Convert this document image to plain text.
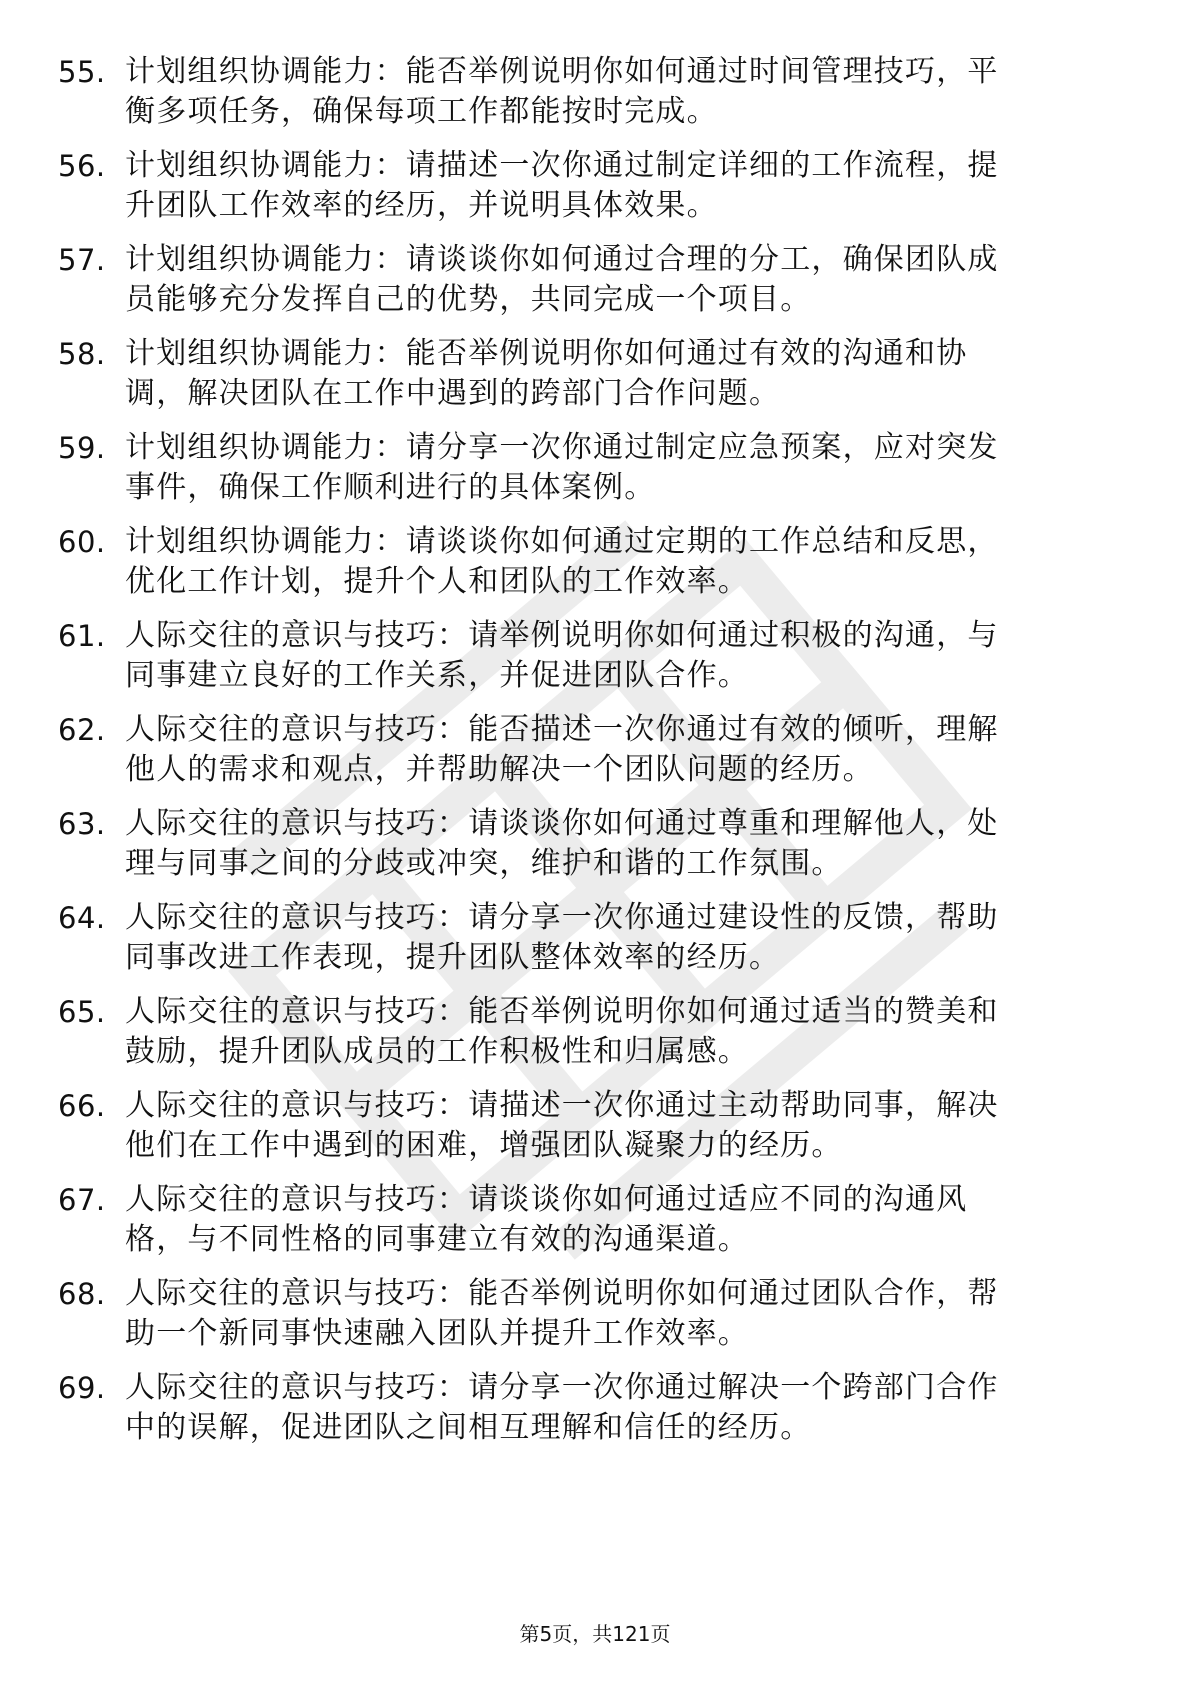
55. 计划组织协调能力：能否举例说明你如何通过时间管理技巧，平
衡多项任务，确保每项工作都能按时完成。

56. 计划组织协调能力：请描述一次你通过制定详细的工作流程，提
升团队工作效率的经历，并说明具体效果。

57. 计划组织协调能力：请谈谈你如何通过合理的分工，确保团队成
员能够充分发挥自己的优势，共同完成一个项目。

58. 计划组织协调能力：能否举例说明你如何通过有效的沟通和协
调，解决团队在工作中遇到的跨部门合作问题。

59. 计划组织协调能力：请分享一次你通过制定应急预案，应对突发
事件，确保工作顺利进行的具体案例。

60. 计划组织协调能力：请谈谈你如何通过定期的工作总结和反思，
优化工作计划，提升个人和团队的工作效率。

61. 人际交往的意识与技巧：请举例说明你如何通过积极的沟通，与
同事建立良好的工作关系，并促进团队合作。

62. 人际交往的意识与技巧：能否描述一次你通过有效的倾听，理解
他人的需求和观点，并帮助解决一个团队问题的经历。

63. 人际交往的意识与技巧：请谈谈你如何通过尊重和理解他人，处
理与同事之间的分歧或冲突，维护和谐的工作氛围。

64. 人际交往的意识与技巧：请分享一次你通过建设性的反馈，帮助
同事改进工作表现，提升团队整体效率的经历。

65. 人际交往的意识与技巧：能否举例说明你如何通过适当的赞美和
鼓励，提升团队成员的工作积极性和归属感。

66. 人际交往的意识与技巧：请描述一次你通过主动帮助同事，解决
他们在工作中遇到的困难，增强团队凝聚力的经历。

67. 人际交往的意识与技巧：请谈谈你如何通过适应不同的沟通风
格，与不同性格的同事建立有效的沟通渠道。

68. 人际交往的意识与技巧：能否举例说明你如何通过团队合作，帮
助一个新同事快速融入团队并提升工作效率。

69. 人际交往的意识与技巧：请分享一次你通过解决一个跨部门合作
中的误解，促进团队之间相互理解和信任的经历。

第5页，共121页
